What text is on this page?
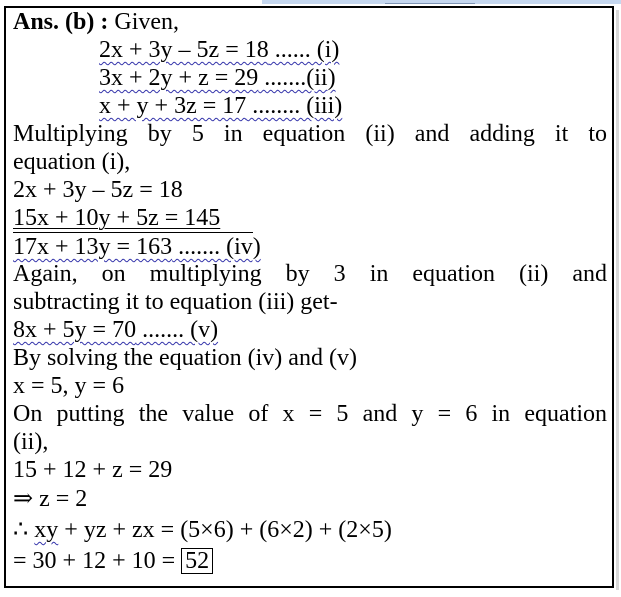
Ans. (b) : Given,
2x + 3y – 5z = 18 ...... (i)
3x + 2y + z = 29 .......(ii)
x + y + 3z = 17 ........ (iii)
Multiplying by 5 in equation (ii) and adding it to
equation (i),
2x + 3y – 5z = 18
15x + 10y + 5z = 145
17x + 13y = 163 ....... (iv)
Again, on multiplying by 3 in equation (ii) and
subtracting it to equation (iii) get-
8x + 5y = 70 ....... (v)
By solving the equation (iv) and (v)
x = 5, y = 6
On putting the value of x = 5 and y = 6 in equation
(ii),
15 + 12 + z = 29
⇒ z = 2
∴ xy + yz + zx = (5×6) + (6×2) + (2×5)
= 30 + 12 + 10 = 52
